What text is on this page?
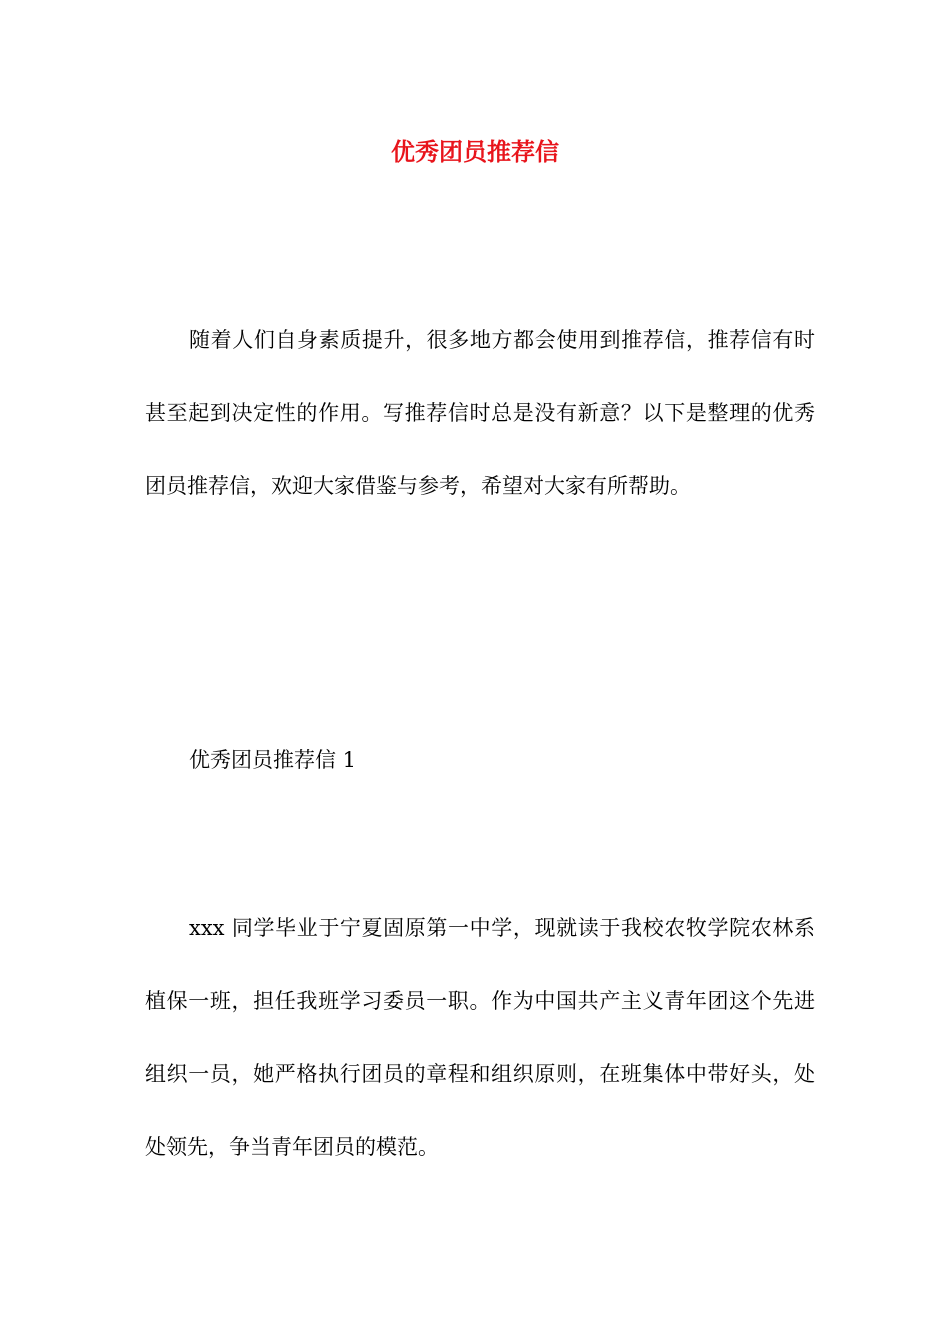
优秀团员推荐信

随着人们自身素质提升，很多地方都会使用到推荐信，推荐信有时甚至起到决定性的作用。写推荐信时总是没有新意？以下是整理的优秀团员推荐信，欢迎大家借鉴与参考，希望对大家有所帮助。

优秀团员推荐信 1

xxx 同学毕业于宁夏固原第一中学，现就读于我校农牧学院农林系植保一班，担任我班学习委员一职。作为中国共产主义青年团这个先进组织一员，她严格执行团员的章程和组织原则，在班集体中带好头，处处领先，争当青年团员的模范。
